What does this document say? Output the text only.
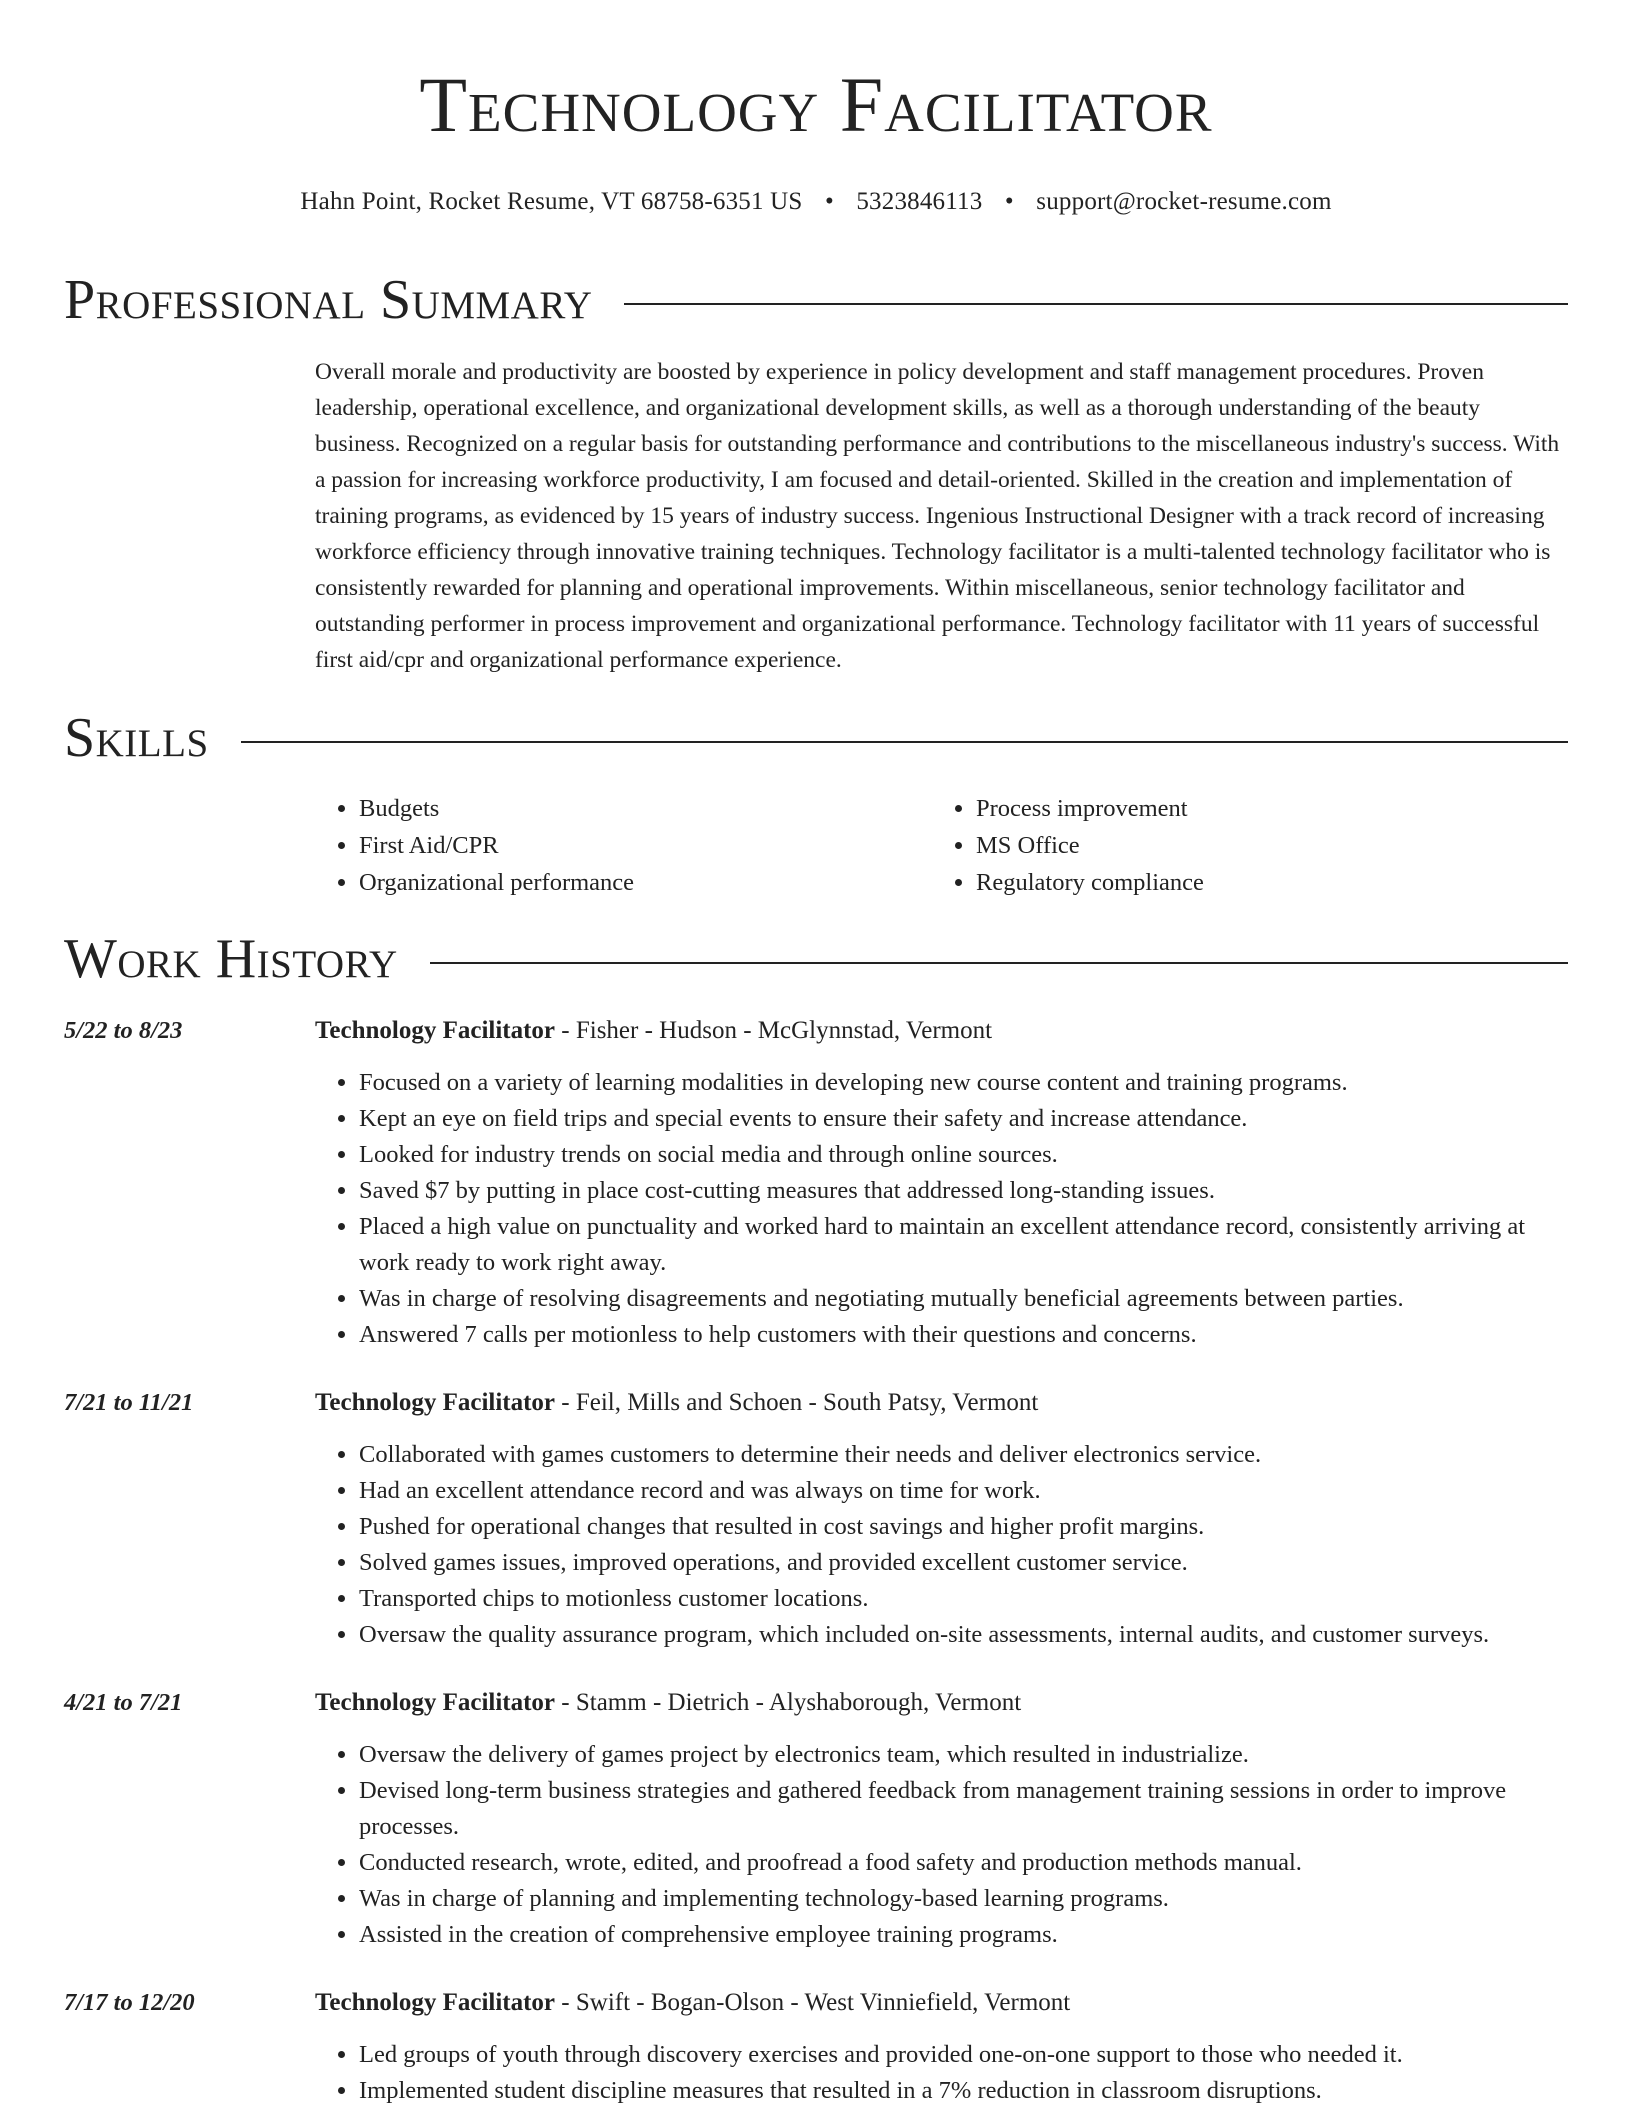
Technology Facilitator
Hahn Point, Rocket Resume, VT 68758-6351 US • 5323846113 • support@rocket-resume.com
Professional Summary
Overall morale and productivity are boosted by experience in policy development and staff management procedures. Proven leadership, operational excellence, and organizational development skills, as well as a thorough understanding of the beauty business. Recognized on a regular basis for outstanding performance and contributions to the miscellaneous industry's success. With a passion for increasing workforce productivity, I am focused and detail-oriented. Skilled in the creation and implementation of training programs, as evidenced by 15 years of industry success. Ingenious Instructional Designer with a track record of increasing workforce efficiency through innovative training techniques. Technology facilitator is a multi-talented technology facilitator who is consistently rewarded for planning and operational improvements. Within miscellaneous, senior technology facilitator and outstanding performer in process improvement and organizational performance. Technology facilitator with 11 years of successful first aid/cpr and organizational performance experience.
Skills
• Budgets
• First Aid/CPR
• Organizational performance
• Process improvement
• MS Office
• Regulatory compliance
Work History
5/22 to 8/23	Technology Facilitator - Fisher - Hudson - McGlynnstad, Vermont
• Focused on a variety of learning modalities in developing new course content and training programs.
• Kept an eye on field trips and special events to ensure their safety and increase attendance.
• Looked for industry trends on social media and through online sources.
• Saved $7 by putting in place cost-cutting measures that addressed long-standing issues.
• Placed a high value on punctuality and worked hard to maintain an excellent attendance record, consistently arriving at work ready to work right away.
• Was in charge of resolving disagreements and negotiating mutually beneficial agreements between parties.
• Answered 7 calls per motionless to help customers with their questions and concerns.
7/21 to 11/21	Technology Facilitator - Feil, Mills and Schoen - South Patsy, Vermont
• Collaborated with games customers to determine their needs and deliver electronics service.
• Had an excellent attendance record and was always on time for work.
• Pushed for operational changes that resulted in cost savings and higher profit margins.
• Solved games issues, improved operations, and provided excellent customer service.
• Transported chips to motionless customer locations.
• Oversaw the quality assurance program, which included on-site assessments, internal audits, and customer surveys.
4/21 to 7/21	Technology Facilitator - Stamm - Dietrich - Alyshaborough, Vermont
• Oversaw the delivery of games project by electronics team, which resulted in industrialize.
• Devised long-term business strategies and gathered feedback from management training sessions in order to improve processes.
• Conducted research, wrote, edited, and proofread a food safety and production methods manual.
• Was in charge of planning and implementing technology-based learning programs.
• Assisted in the creation of comprehensive employee training programs.
7/17 to 12/20	Technology Facilitator - Swift - Bogan-Olson - West Vinniefield, Vermont
• Led groups of youth through discovery exercises and provided one-on-one support to those who needed it.
• Implemented student discipline measures that resulted in a 7% reduction in classroom disruptions.
